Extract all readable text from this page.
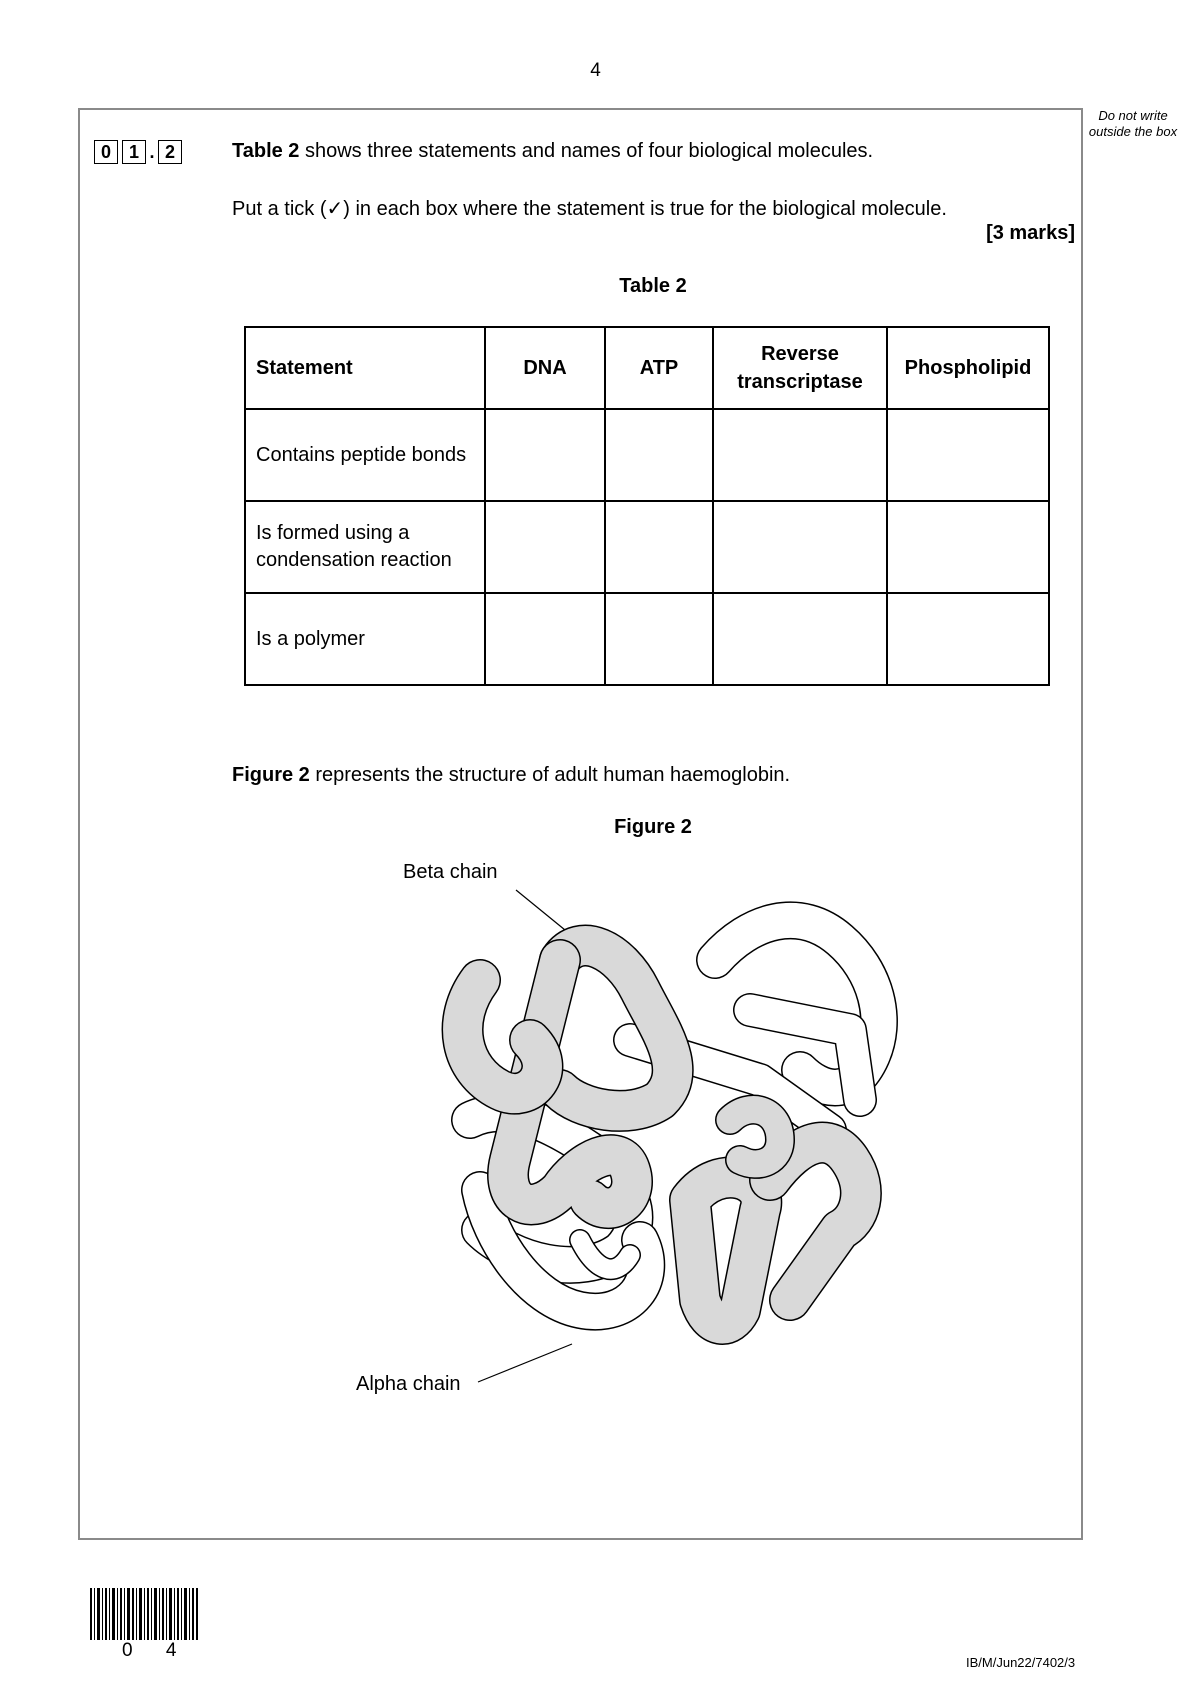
4
Do not write outside the box
0 1 . 2	Table 2 shows three statements and names of four biological molecules.
Put a tick (✓) in each box where the statement is true for the biological molecule.
[3 marks]
Table 2
Statement	DNA	ATP	Reverse transcriptase	Phospholipid
Contains peptide bonds				
Is formed using a condensation reaction				
Is a polymer				
Figure 2 represents the structure of adult human haemoglobin.
Figure 2
Beta chain
Alpha chain
0 4
IB/M/Jun22/7402/3
